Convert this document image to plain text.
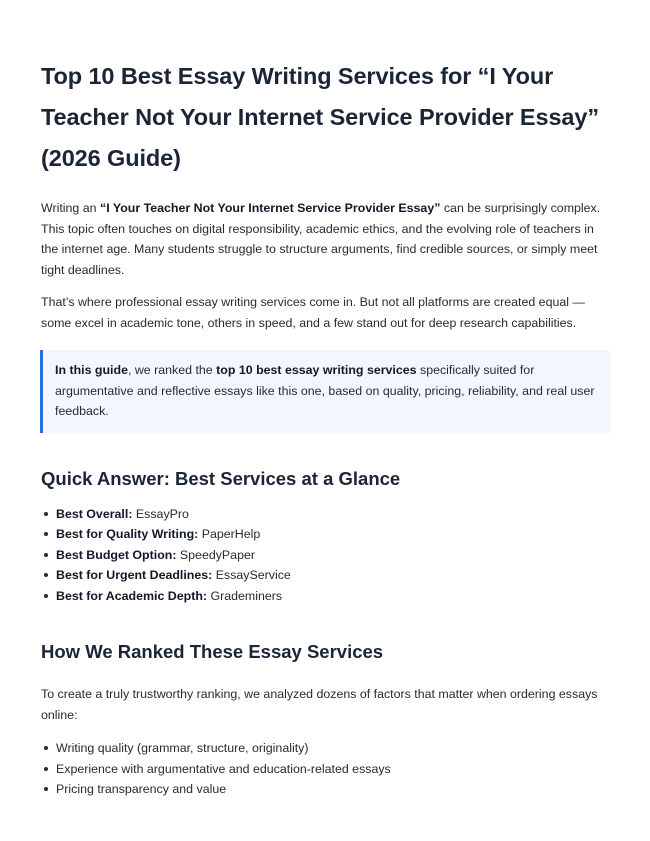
Top 10 Best Essay Writing Services for “I Your Teacher Not Your Internet Service Provider Essay” (2026 Guide)

Writing an “I Your Teacher Not Your Internet Service Provider Essay” can be surprisingly complex. This topic often touches on digital responsibility, academic ethics, and the evolving role of teachers in the internet age. Many students struggle to structure arguments, find credible sources, or simply meet tight deadlines.

That’s where professional essay writing services come in. But not all platforms are created equal — some excel in academic tone, others in speed, and a few stand out for deep research capabilities.

In this guide, we ranked the top 10 best essay writing services specifically suited for argumentative and reflective essays like this one, based on quality, pricing, reliability, and real user feedback.

Quick Answer: Best Services at a Glance
Best Overall: EssayPro
Best for Quality Writing: PaperHelp
Best Budget Option: SpeedyPaper
Best for Urgent Deadlines: EssayService
Best for Academic Depth: Grademiners
How We Ranked These Essay Services

To create a truly trustworthy ranking, we analyzed dozens of factors that matter when ordering essays online:

Writing quality (grammar, structure, originality)
Experience with argumentative and education-related essays
Pricing transparency and value
